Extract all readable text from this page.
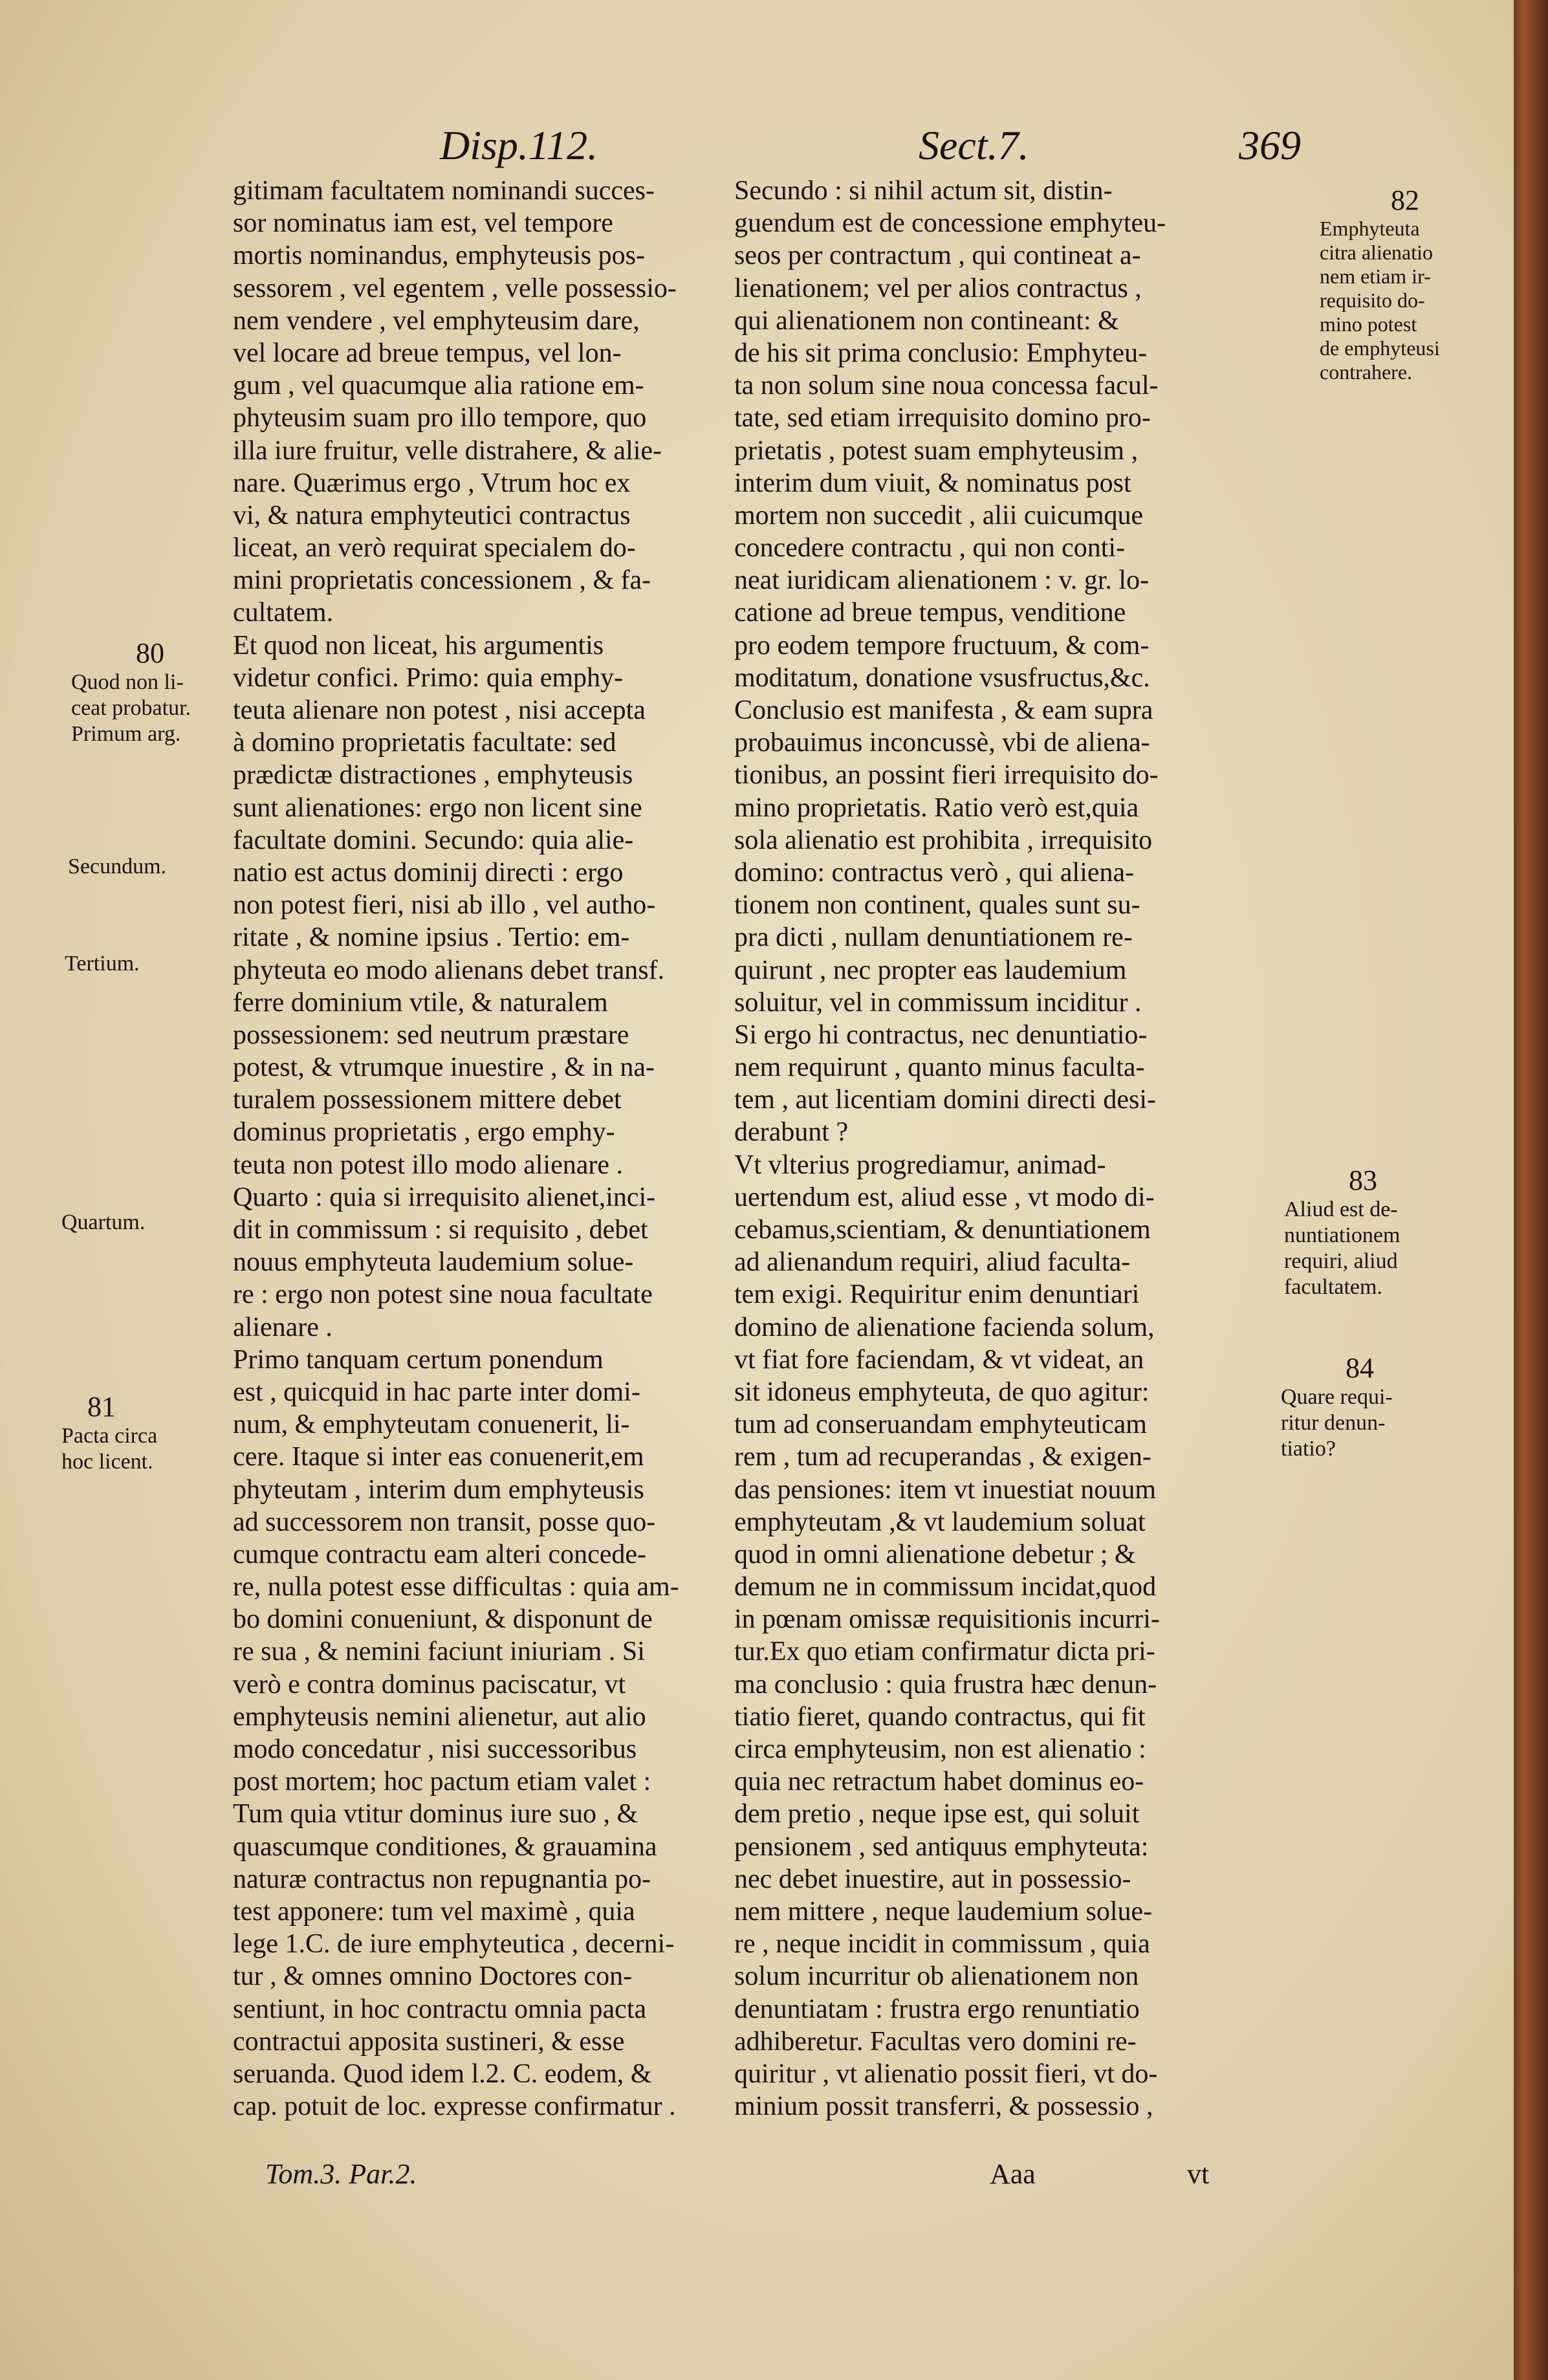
Disp.112.	Sect.7.	369
gitimam facultatem nominandi succes-
sor nominatus iam est, vel tempore
mortis nominandus, emphyteusis pos-
sessorem , vel egentem , velle possessio-
nem vendere , vel emphyteusim dare,
vel locare ad breue tempus, vel lon-
gum , vel quacumque alia ratione em-
phyteusim suam pro illo tempore, quo
illa iure fruitur, velle distrahere, & alie-
nare. Quærimus ergo , Vtrum hoc ex
vi, & natura emphyteutici contractus
liceat, an verò requirat specialem do-
mini proprietatis concessionem , & fa-
cultatem.
Et quod non liceat, his argumentis
videtur confici. Primo: quia emphy-
teuta alienare non potest , nisi accepta
à domino proprietatis facultate: sed
prædictæ distractiones , emphyteusis
sunt alienationes: ergo non licent sine
facultate domini. Secundo: quia alie-
natio est actus dominij directi : ergo
non potest fieri, nisi ab illo , vel autho-
ritate , & nomine ipsius . Tertio: em-
phyteuta eo modo alienans debet transf.
ferre dominium vtile, & naturalem
possessionem: sed neutrum præstare
potest, & vtrumque inuestire , & in na-
turalem possessionem mittere debet
dominus proprietatis , ergo emphy-
teuta non potest illo modo alienare .
Quarto : quia si irrequisito alienet,inci-
dit in commissum : si requisito , debet
nouus emphyteuta laudemium solue-
re : ergo non potest sine noua facultate
alienare .
Primo tanquam certum ponendum
est , quicquid in hac parte inter domi-
num, & emphyteutam conuenerit, li-
cere. Itaque si inter eas conuenerit,em
phyteutam , interim dum emphyteusis
ad successorem non transit, posse quo-
cumque contractu eam alteri concede-
re, nulla potest esse difficultas : quia am-
bo domini conueniunt, & disponunt de
re sua , & nemini faciunt iniuriam . Si
verò e contra dominus paciscatur, vt
emphyteusis nemini alienetur, aut alio
modo concedatur , nisi successoribus
post mortem; hoc pactum etiam valet :
Tum quia vtitur dominus iure suo , &
quascumque conditiones, & grauamina
naturæ contractus non repugnantia po-
test apponere: tum vel maximè , quia
lege 1.C. de iure emphyteutica , decerni-
tur , & omnes omnino Doctores con-
sentiunt, in hoc contractu omnia pacta
contractui apposita sustineri, & esse
seruanda. Quod idem l.2. C. eodem, &
cap. potuit de loc. expresse confirmatur .
Secundo : si nihil actum sit, distin-
guendum est de concessione emphyteu-
seos per contractum , qui contineat a-
lienationem; vel per alios contractus ,
qui alienationem non contineant: &
de his sit prima conclusio: Emphyteu-
ta non solum sine noua concessa facul-
tate, sed etiam irrequisito domino pro-
prietatis , potest suam emphyteusim ,
interim dum viuit, & nominatus post
mortem non succedit , alii cuicumque
concedere contractu , qui non conti-
neat iuridicam alienationem : v. gr. lo-
catione ad breue tempus, venditione
pro eodem tempore fructuum, & com-
moditatum, donatione vsusfructus,&c.
Conclusio est manifesta , & eam supra
probauimus inconcussè, vbi de aliena-
tionibus, an possint fieri irrequisito do-
mino proprietatis. Ratio verò est,quia
sola alienatio est prohibita , irrequisito
domino: contractus verò , qui aliena-
tionem non continent, quales sunt su-
pra dicti , nullam denuntiationem re-
quirunt , nec propter eas laudemium
soluitur, vel in commissum inciditur .
Si ergo hi contractus, nec denuntiatio-
nem requirunt , quanto minus faculta-
tem , aut licentiam domini directi desi-
derabunt ?
Vt vlterius progrediamur, animad-
uertendum est, aliud esse , vt modo di-
cebamus,scientiam, & denuntiationem
ad alienandum requiri, aliud faculta-
tem exigi. Requiritur enim denuntiari
domino de alienatione facienda solum,
vt fiat fore faciendam, & vt videat, an
sit idoneus emphyteuta, de quo agitur:
tum ad conseruandam emphyteuticam
rem , tum ad recuperandas , & exigen-
das pensiones: item vt inuestiat nouum
emphyteutam ,& vt laudemium soluat
quod in omni alienatione debetur ; &
demum ne in commissum incidat,quod
in pœnam omissæ requisitionis incurri-
tur.Ex quo etiam confirmatur dicta pri-
ma conclusio : quia frustra hæc denun-
tiatio fieret, quando contractus, qui fit
circa emphyteusim, non est alienatio :
quia nec retractum habet dominus eo-
dem pretio , neque ipse est, qui soluit
pensionem , sed antiquus emphyteuta:
nec debet inuestire, aut in possessio-
nem mittere , neque laudemium solue-
re , neque incidit in commissum , quia
solum incurritur ob alienationem non
denuntiatam : frustra ergo renuntiatio
adhiberetur. Facultas vero domini re-
quiritur , vt alienatio possit fieri, vt do-
minium possit transferri, & possessio ,
80
Quod non li-
ceat probatur.
Primum arg.
Secundum.
Tertium.
Quartum.
81
Pacta circa
hoc licent.
82
Emphyteuta
citra alienatio
nem etiam ir-
requisito do-
mino potest
de emphyteusi
contrahere.
83
Aliud est de-
nuntiationem
requiri, aliud
facultatem.
84
Quare requi-
ritur denun-
tiatio?
Tom.3. Par.2.	Aaa	vt
